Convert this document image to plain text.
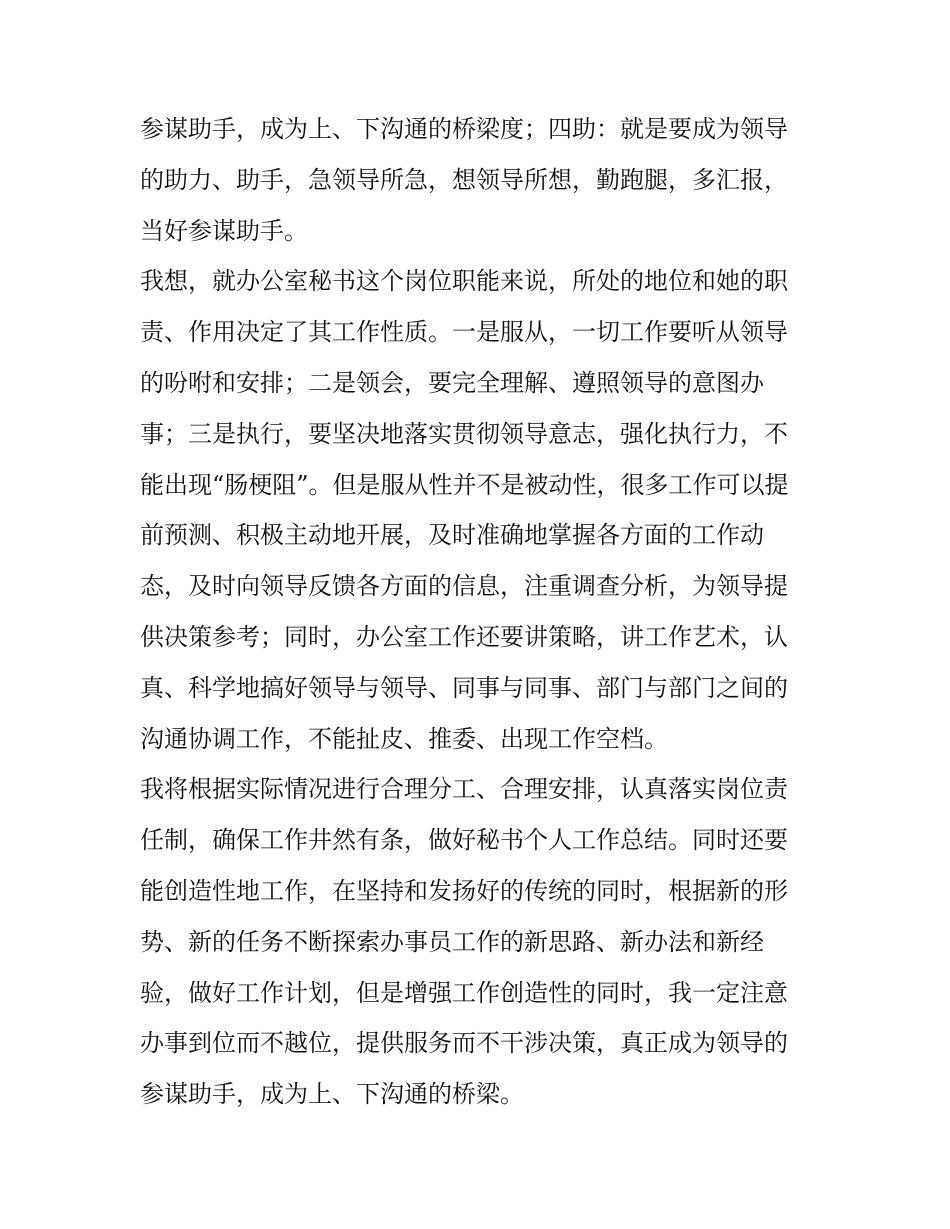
参谋助手，成为上、下沟通的桥梁度；四助：就是要成为领导
的助力、助手，急领导所急，想领导所想，勤跑腿，多汇报，
当好参谋助手。
我想，就办公室秘书这个岗位职能来说，所处的地位和她的职
责、作用决定了其工作性质。一是服从，一切工作要听从领导
的吩咐和安排；二是领会，要完全理解、遵照领导的意图办
事；三是执行，要坚决地落实贯彻领导意志，强化执行力，不
能出现“肠梗阻”。但是服从性并不是被动性，很多工作可以提
前预测、积极主动地开展，及时准确地掌握各方面的工作动
态，及时向领导反馈各方面的信息，注重调查分析，为领导提
供决策参考；同时，办公室工作还要讲策略，讲工作艺术，认
真、科学地搞好领导与领导、同事与同事、部门与部门之间的
沟通协调工作，不能扯皮、推委、出现工作空档。
我将根据实际情况进行合理分工、合理安排，认真落实岗位责
任制，确保工作井然有条，做好秘书个人工作总结。同时还要
能创造性地工作，在坚持和发扬好的传统的同时，根据新的形
势、新的任务不断探索办事员工作的新思路、新办法和新经
验，做好工作计划，但是增强工作创造性的同时，我一定注意
办事到位而不越位，提供服务而不干涉决策，真正成为领导的
参谋助手，成为上、下沟通的桥梁。
